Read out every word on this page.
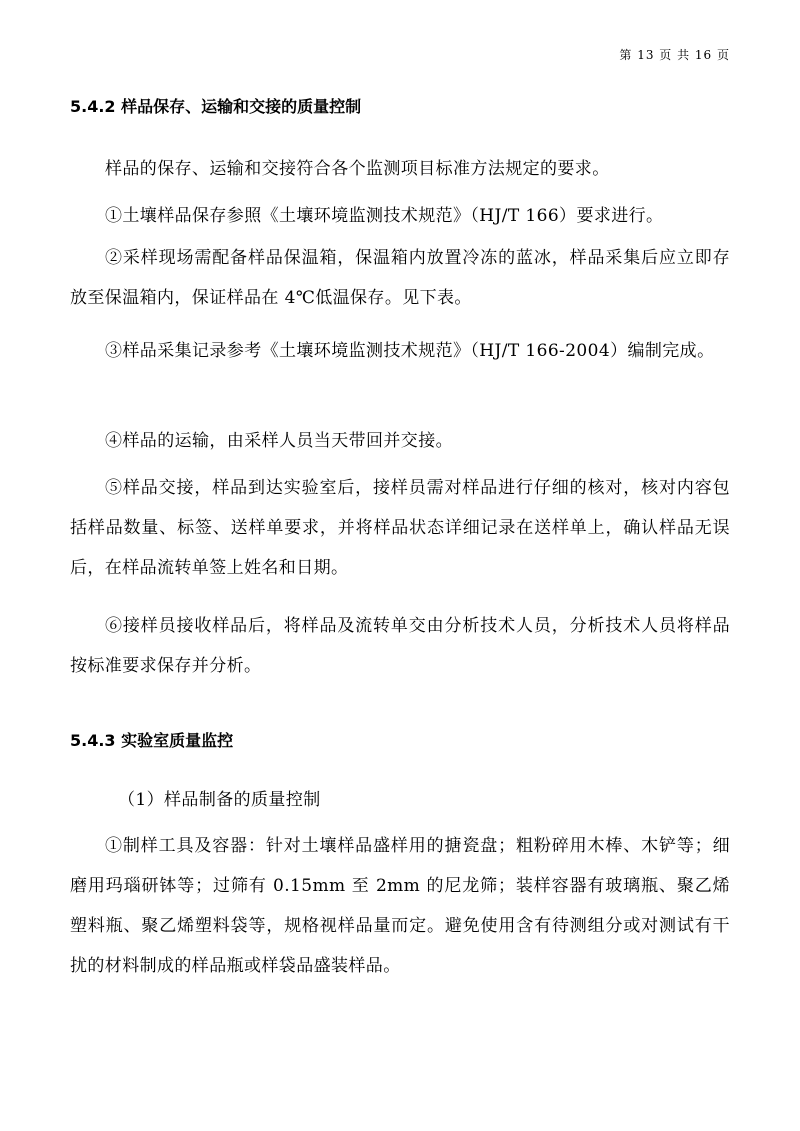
第 13 页 共 16 页
5.4.2 样品保存、运输和交接的质量控制

样品的保存、运输和交接符合各个监测项目标准方法规定的要求。

①土壤样品保存参照《土壤环境监测技术规范》（HJ/T 166）要求进行。

②采样现场需配备样品保温箱，保温箱内放置冷冻的蓝冰，样品采集后应立即存放至保温箱内，保证样品在 4℃低温保存。见下表。

③样品采集记录参考《土壤环境监测技术规范》（HJ/T 166-2004）编制完成。

④样品的运输，由采样人员当天带回并交接。

⑤样品交接，样品到达实验室后，接样员需对样品进行仔细的核对，核对内容包括样品数量、标签、送样单要求，并将样品状态详细记录在送样单上，确认样品无误后，在样品流转单签上姓名和日期。

⑥接样员接收样品后，将样品及流转单交由分析技术人员，分析技术人员将样品按标准要求保存并分析。

5.4.3 实验室质量监控

（1）样品制备的质量控制

①制样工具及容器：针对土壤样品盛样用的搪瓷盘；粗粉碎用木棒、木铲等；细磨用玛瑙研钵等；过筛有 0.15mm 至 2mm 的尼龙筛；装样容器有玻璃瓶、聚乙烯塑料瓶、聚乙烯塑料袋等，规格视样品量而定。避免使用含有待测组分或对测试有干扰的材料制成的样品瓶或样袋品盛装样品。
